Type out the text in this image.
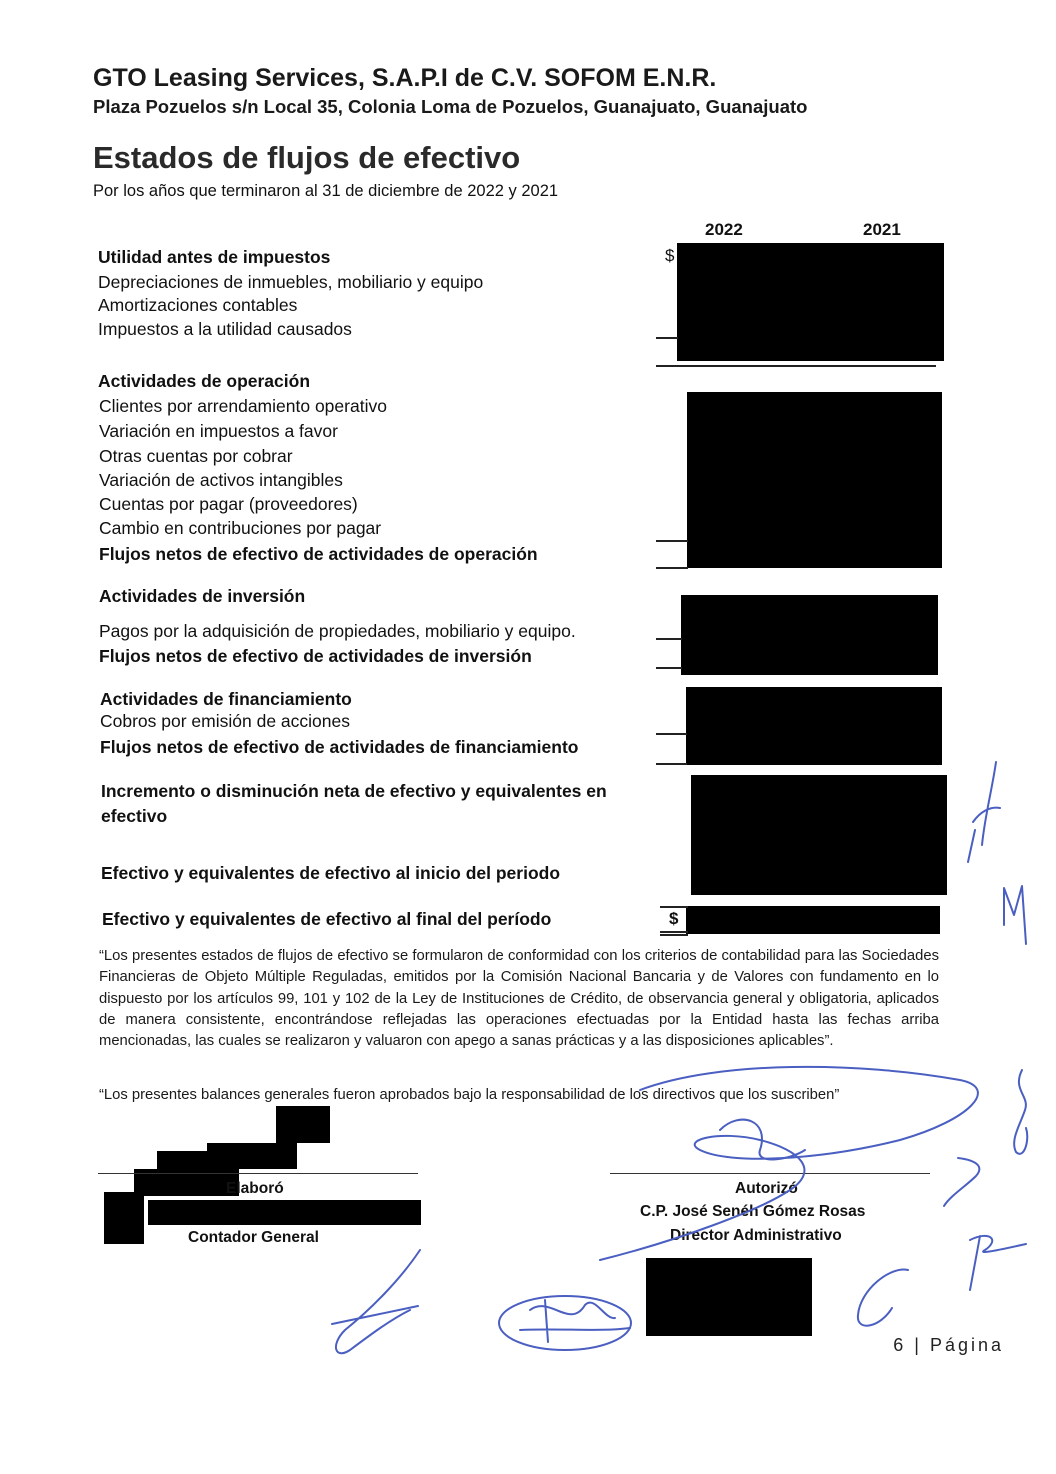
GTO Leasing Services, S.A.P.I de C.V. SOFOM E.N.R.
Plaza Pozuelos s/n Local 35, Colonia Loma de Pozuelos, Guanajuato, Guanajuato
Estados de flujos de efectivo
Por los años que terminaron al 31 de diciembre de 2022 y 2021
2022	2021
Utilidad antes de impuestos
Depreciaciones de inmuebles, mobiliario y equipo
Amortizaciones contables
Impuestos a la utilidad causados
$
Actividades de operación
Clientes por arrendamiento operativo
Variación en impuestos a favor
Otras cuentas por cobrar
Variación de activos intangibles
Cuentas por pagar (proveedores)
Cambio en contribuciones por pagar
Flujos netos de efectivo de actividades de operación
Actividades de inversión
Pagos por la adquisición de propiedades, mobiliario y equipo.
Flujos netos de efectivo de actividades de inversión
Actividades de financiamiento
Cobros por emisión de acciones
Flujos netos de efectivo de actividades de financiamiento
Incremento o disminución neta de efectivo y equivalentes en
efectivo
Efectivo y equivalentes de efectivo al inicio del periodo
Efectivo y equivalentes de efectivo al final del período	$
“Los presentes estados de flujos de efectivo se formularon de conformidad con los criterios de contabilidad para las Sociedades Financieras de Objeto Múltiple Reguladas, emitidos por la Comisión Nacional Bancaria y de Valores con fundamento en lo dispuesto por los artículos 99, 101 y 102 de la Ley de Instituciones de Crédito, de observancia general y obligatoria, aplicados de manera consistente, encontrándose reflejadas las operaciones efectuadas por la Entidad hasta las fechas arriba mencionadas, las cuales se realizaron y valuaron con apego a sanas prácticas y a las disposiciones aplicables”.
“Los presentes balances generales fueron aprobados bajo la responsabilidad de los directivos que los suscriben”
Elaboró
Contador General
Autorizó
C.P. José Senéh Gómez Rosas
Director Administrativo
6 | Página
